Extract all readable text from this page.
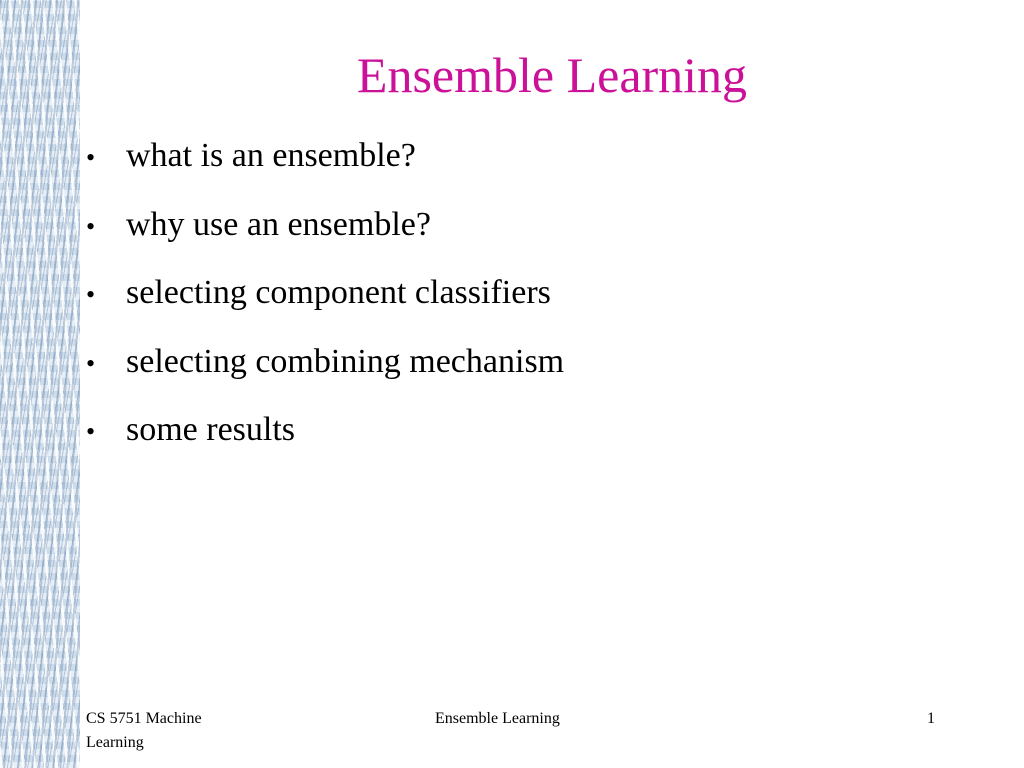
Ensemble Learning
• what is an ensemble?
• why use an ensemble?
• selecting component classifiers
• selecting combining mechanism
• some results
CS 5751 Machine Learning
Ensemble Learning	1
